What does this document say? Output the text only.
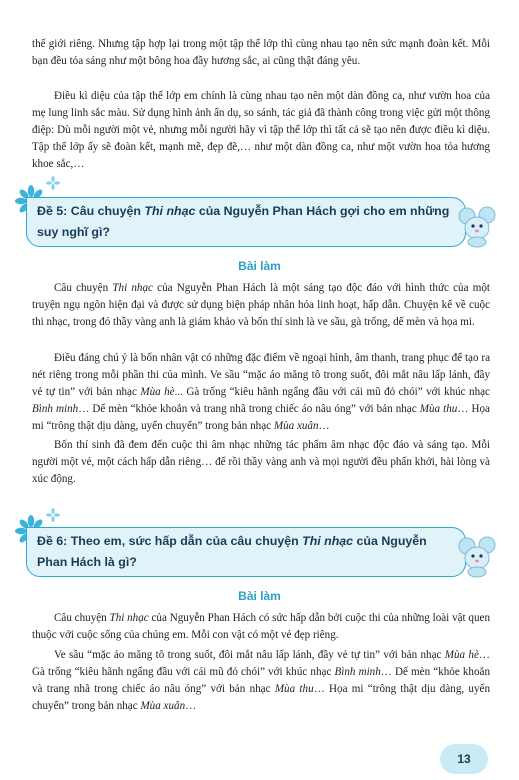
thế giới riêng. Nhưng tập hợp lại trong một tập thể lớp thì cùng nhau tạo nên sức mạnh đoàn kết. Mỗi bạn đều tỏa sáng như một bông hoa đầy hương sắc, ai cũng thật đáng yêu.

Điều kì diệu của tập thể lớp em chính là cùng nhau tạo nên một dàn đồng ca, như vườn hoa của mẹ lung linh sắc màu. Sử dụng hình ảnh ẩn dụ, so sánh, tác giả đã thành công trong việc gửi một thông điệp: Dù mỗi người một vẻ, nhưng mỗi người hãy vì tập thể lớp thì tất cả sẽ tạo nên được điều kì diệu. Tập thể lớp ấy sẽ đoàn kết, mạnh mẽ, đẹp đẽ,… như một dàn đồng ca, như một vườn hoa tỏa hương khoe sắc,…

Đề 5: Câu chuyện Thi nhạc của Nguyễn Phan Hách gợi cho em những suy nghĩ gì?
Bài làm

Câu chuyện Thi nhạc của Nguyễn Phan Hách là một sáng tạo độc đáo với hình thức của một truyện ngụ ngôn hiện đại và được sử dụng biện pháp nhân hóa linh hoạt, hấp dẫn. Chuyện kể về cuộc thi nhạc, trong đó thầy vàng anh là giám khảo và bốn thí sinh là ve sầu, gà trống, dế mèn và họa mi.

Điều đáng chú ý là bốn nhân vật có những đặc điểm về ngoại hình, âm thanh, trang phục để tạo ra nét riêng trong mỗi phần thi của mình. Ve sầu “mặc áo măng tô trong suốt, đôi mắt nâu lấp lánh, đầy vẻ tự tin” với bản nhạc Mùa hè... Gà trống “kiêu hãnh ngẩng đầu với cái mũ đỏ chói” với khúc nhạc Bình minh… Dế mèn “khỏe khoắn và trang nhã trong chiếc áo nâu óng” với bản nhạc Mùa thu… Họa mi “trông thật dịu dàng, uyển chuyển” trong bản nhạc Mùa xuân…

Bốn thí sinh đã đem đến cuộc thi âm nhạc những tác phẩm âm nhạc độc đáo và sáng tạo. Mỗi người một vẻ, một cách hấp dẫn riêng… để rồi thầy vàng anh và mọi người đều phấn khởi, hài lòng và xúc động.

Đề 6: Theo em, sức hấp dẫn của câu chuyện Thi nhạc của Nguyễn Phan Hách là gì?
Bài làm

Câu chuyện Thi nhạc của Nguyễn Phan Hách có sức hấp dẫn bởi cuộc thi của những loài vật quen thuộc với cuộc sống của chúng em. Mỗi con vật có một vẻ đẹp riêng.

Ve sầu “mặc áo măng tô trong suốt, đôi mắt nâu lấp lánh, đầy vẻ tự tin” với bản nhạc Mùa hè… Gà trống “kiêu hãnh ngẩng đầu với cái mũ đỏ chói” với khúc nhạc Bình minh… Dế mèn “khỏe khoắn và trang nhã trong chiếc áo nâu óng” với bản nhạc Mùa thu… Họa mi “trông thật dịu dàng, uyển chuyển” trong bản nhạc Mùa xuân…

13
